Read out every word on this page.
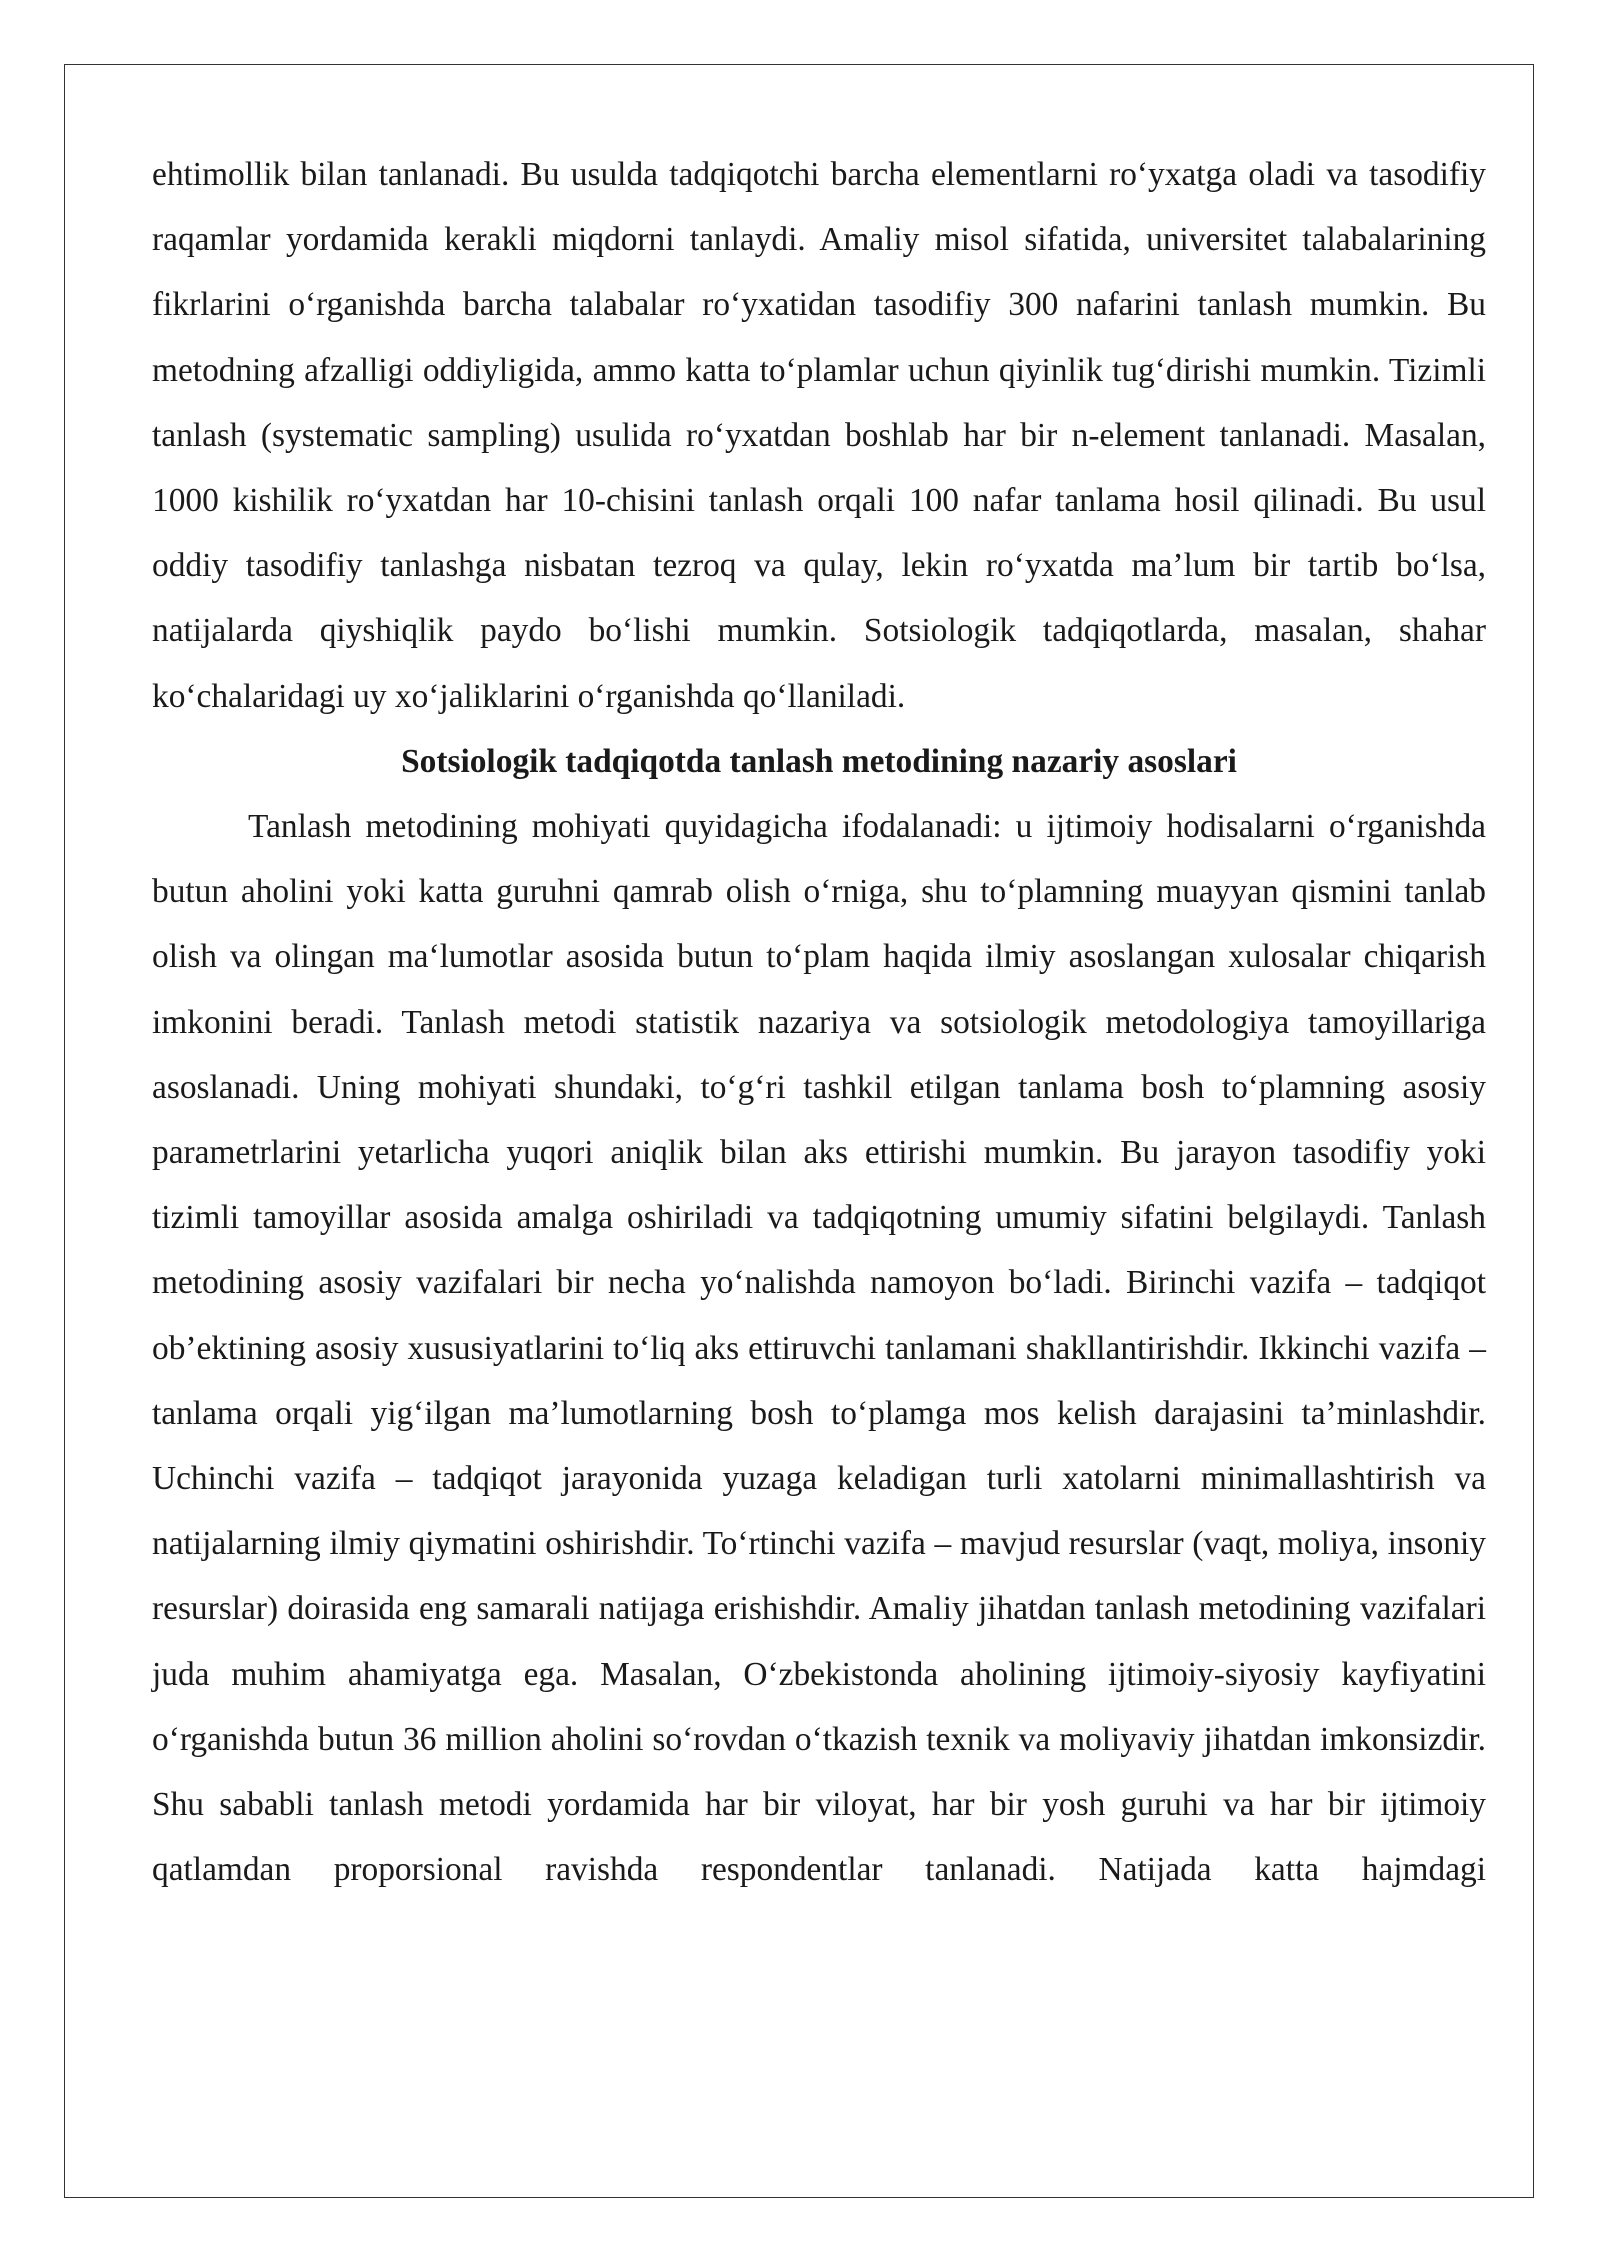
ehtimollik bilan tanlanadi. Bu usulda tadqiqotchi barcha elementlarni ro‘yxatga oladi va tasodifiy raqamlar yordamida kerakli miqdorni tanlaydi. Amaliy misol sifatida, universitet talabalarining fikrlarini o‘rganishda barcha talabalar ro‘yxatidan tasodifiy 300 nafarini tanlash mumkin. Bu metodning afzalligi oddiyligida, ammo katta to‘plamlar uchun qiyinlik tug‘dirishi mumkin. Tizimli tanlash (systematic sampling) usulida ro‘yxatdan boshlab har bir n-element tanlanadi. Masalan, 1000 kishilik ro‘yxatdan har 10-chisini tanlash orqali 100 nafar tanlama hosil qilinadi. Bu usul oddiy tasodifiy tanlashga nisbatan tezroq va qulay, lekin ro‘yxatda ma’lum bir tartib bo‘lsa, natijalarda qiyshiqlik paydo bo‘lishi mumkin. Sotsiologik tadqiqotlarda, masalan, shahar ko‘chalaridagi uy xo‘jaliklarini o‘rganishda qo‘llaniladi.

Sotsiologik tadqiqotda tanlash metodining nazariy asoslari

Tanlash metodining mohiyati quyidagicha ifodalanadi: u ijtimoiy hodisalarni o‘rganishda butun aholini yoki katta guruhni qamrab olish o‘rniga, shu to‘plamning muayyan qismini tanlab olish va olingan ma‘lumotlar asosida butun to‘plam haqida ilmiy asoslangan xulosalar chiqarish imkonini beradi. Tanlash metodi statistik nazariya va sotsiologik metodologiya tamoyillariga asoslanadi. Uning mohiyati shundaki, to‘g‘ri tashkil etilgan tanlama bosh to‘plamning asosiy parametrlarini yetarlicha yuqori aniqlik bilan aks ettirishi mumkin. Bu jarayon tasodifiy yoki tizimli tamoyillar asosida amalga oshiriladi va tadqiqotning umumiy sifatini belgilaydi. Tanlash metodining asosiy vazifalari bir necha yo‘nalishda namoyon bo‘ladi. Birinchi vazifa – tadqiqot ob’ektining asosiy xususiyatlarini to‘liq aks ettiruvchi tanlamani shakllantirishdir. Ikkinchi vazifa – tanlama orqali yig‘ilgan ma’lumotlarning bosh to‘plamga mos kelish darajasini ta’minlashdir. Uchinchi vazifa – tadqiqot jarayonida yuzaga keladigan turli xatolarni minimallashtirish va natijalarning ilmiy qiymatini oshirishdir. To‘rtinchi vazifa – mavjud resurslar (vaqt, moliya, insoniy resurslar) doirasida eng samarali natijaga erishishdir. Amaliy jihatdan tanlash metodining vazifalari juda muhim ahamiyatga ega. Masalan, O‘zbekistonda aholining ijtimoiy-siyosiy kayfiyatini o‘rganishda butun 36 million aholini so‘rovdan o‘tkazish texnik va moliyaviy jihatdan imkonsizdir. Shu sababli tanlash metodi yordamida har bir viloyat, har bir yosh guruhi va har bir ijtimoiy qatlamdan proporsional ravishda respondentlar tanlanadi. Natijada katta hajmdagi
